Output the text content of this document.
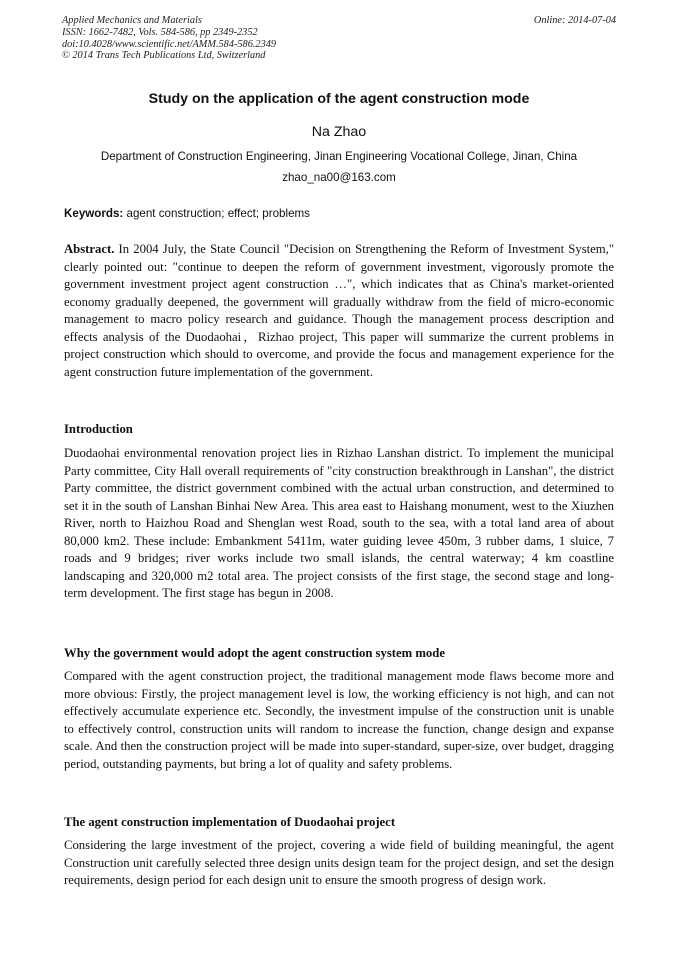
Applied Mechanics and Materials
ISSN: 1662-7482, Vols. 584-586, pp 2349-2352
doi:10.4028/www.scientific.net/AMM.584-586.2349
© 2014 Trans Tech Publications Ltd, Switzerland
Online: 2014-07-04
Study on the application of the agent construction mode
Na Zhao
Department of Construction Engineering, Jinan Engineering Vocational College, Jinan, China
zhao_na00@163.com
Keywords: agent construction; effect; problems

Abstract. In 2004 July, the State Council "Decision on Strengthening the Reform of Investment System," clearly pointed out: "continue to deepen the reform of government investment, vigorously promote the government investment project agent construction …", which indicates that as China's market-oriented economy gradually deepened, the government will gradually withdraw from the field of micro-economic management to macro policy research and guidance. Though the management process description and effects analysis of the Duodaohai，Rizhao project, This paper will summarize the current problems in project construction which should to overcome, and provide the focus and management experience for the agent construction future implementation of the government.

Introduction

Duodaohai environmental renovation project lies in Rizhao Lanshan district. To implement the municipal Party committee, City Hall overall requirements of "city construction breakthrough in Lanshan", the district Party committee, the district government combined with the actual urban construction, and determined to set it in the south of Lanshan Binhai New Area. This area east to Haishang monument, west to the Xiuzhen River, north to Haizhou Road and Shenglan west Road, south to the sea, with a total land area of about 80,000 km2. These include: Embankment 5411m, water guiding levee 450m, 3 rubber dams, 1 sluice, 7 roads and 9 bridges; river works include two small islands, the central waterway; 4 km coastline landscaping and 320,000 m2 total area. The project consists of the first stage, the second stage and long-term development. The first stage has begun in 2008.

Why the government would adopt the agent construction system mode

Compared with the agent construction project, the traditional management mode flaws become more and more obvious: Firstly, the project management level is low, the working efficiency is not high, and can not effectively accumulate experience etc. Secondly, the investment impulse of the construction unit is unable to effectively control, construction units will random to increase the function, change design and expanse scale. And then the construction project will be made into super-standard, super-size, over budget, dragging period, outstanding payments, but bring a lot of quality and safety problems.

The agent construction implementation of Duodaohai project

Considering the large investment of the project, covering a wide field of building meaningful, the agent Construction unit carefully selected three design units design team for the project design, and set the design requirements, design period for each design unit to ensure the smooth progress of design work.
